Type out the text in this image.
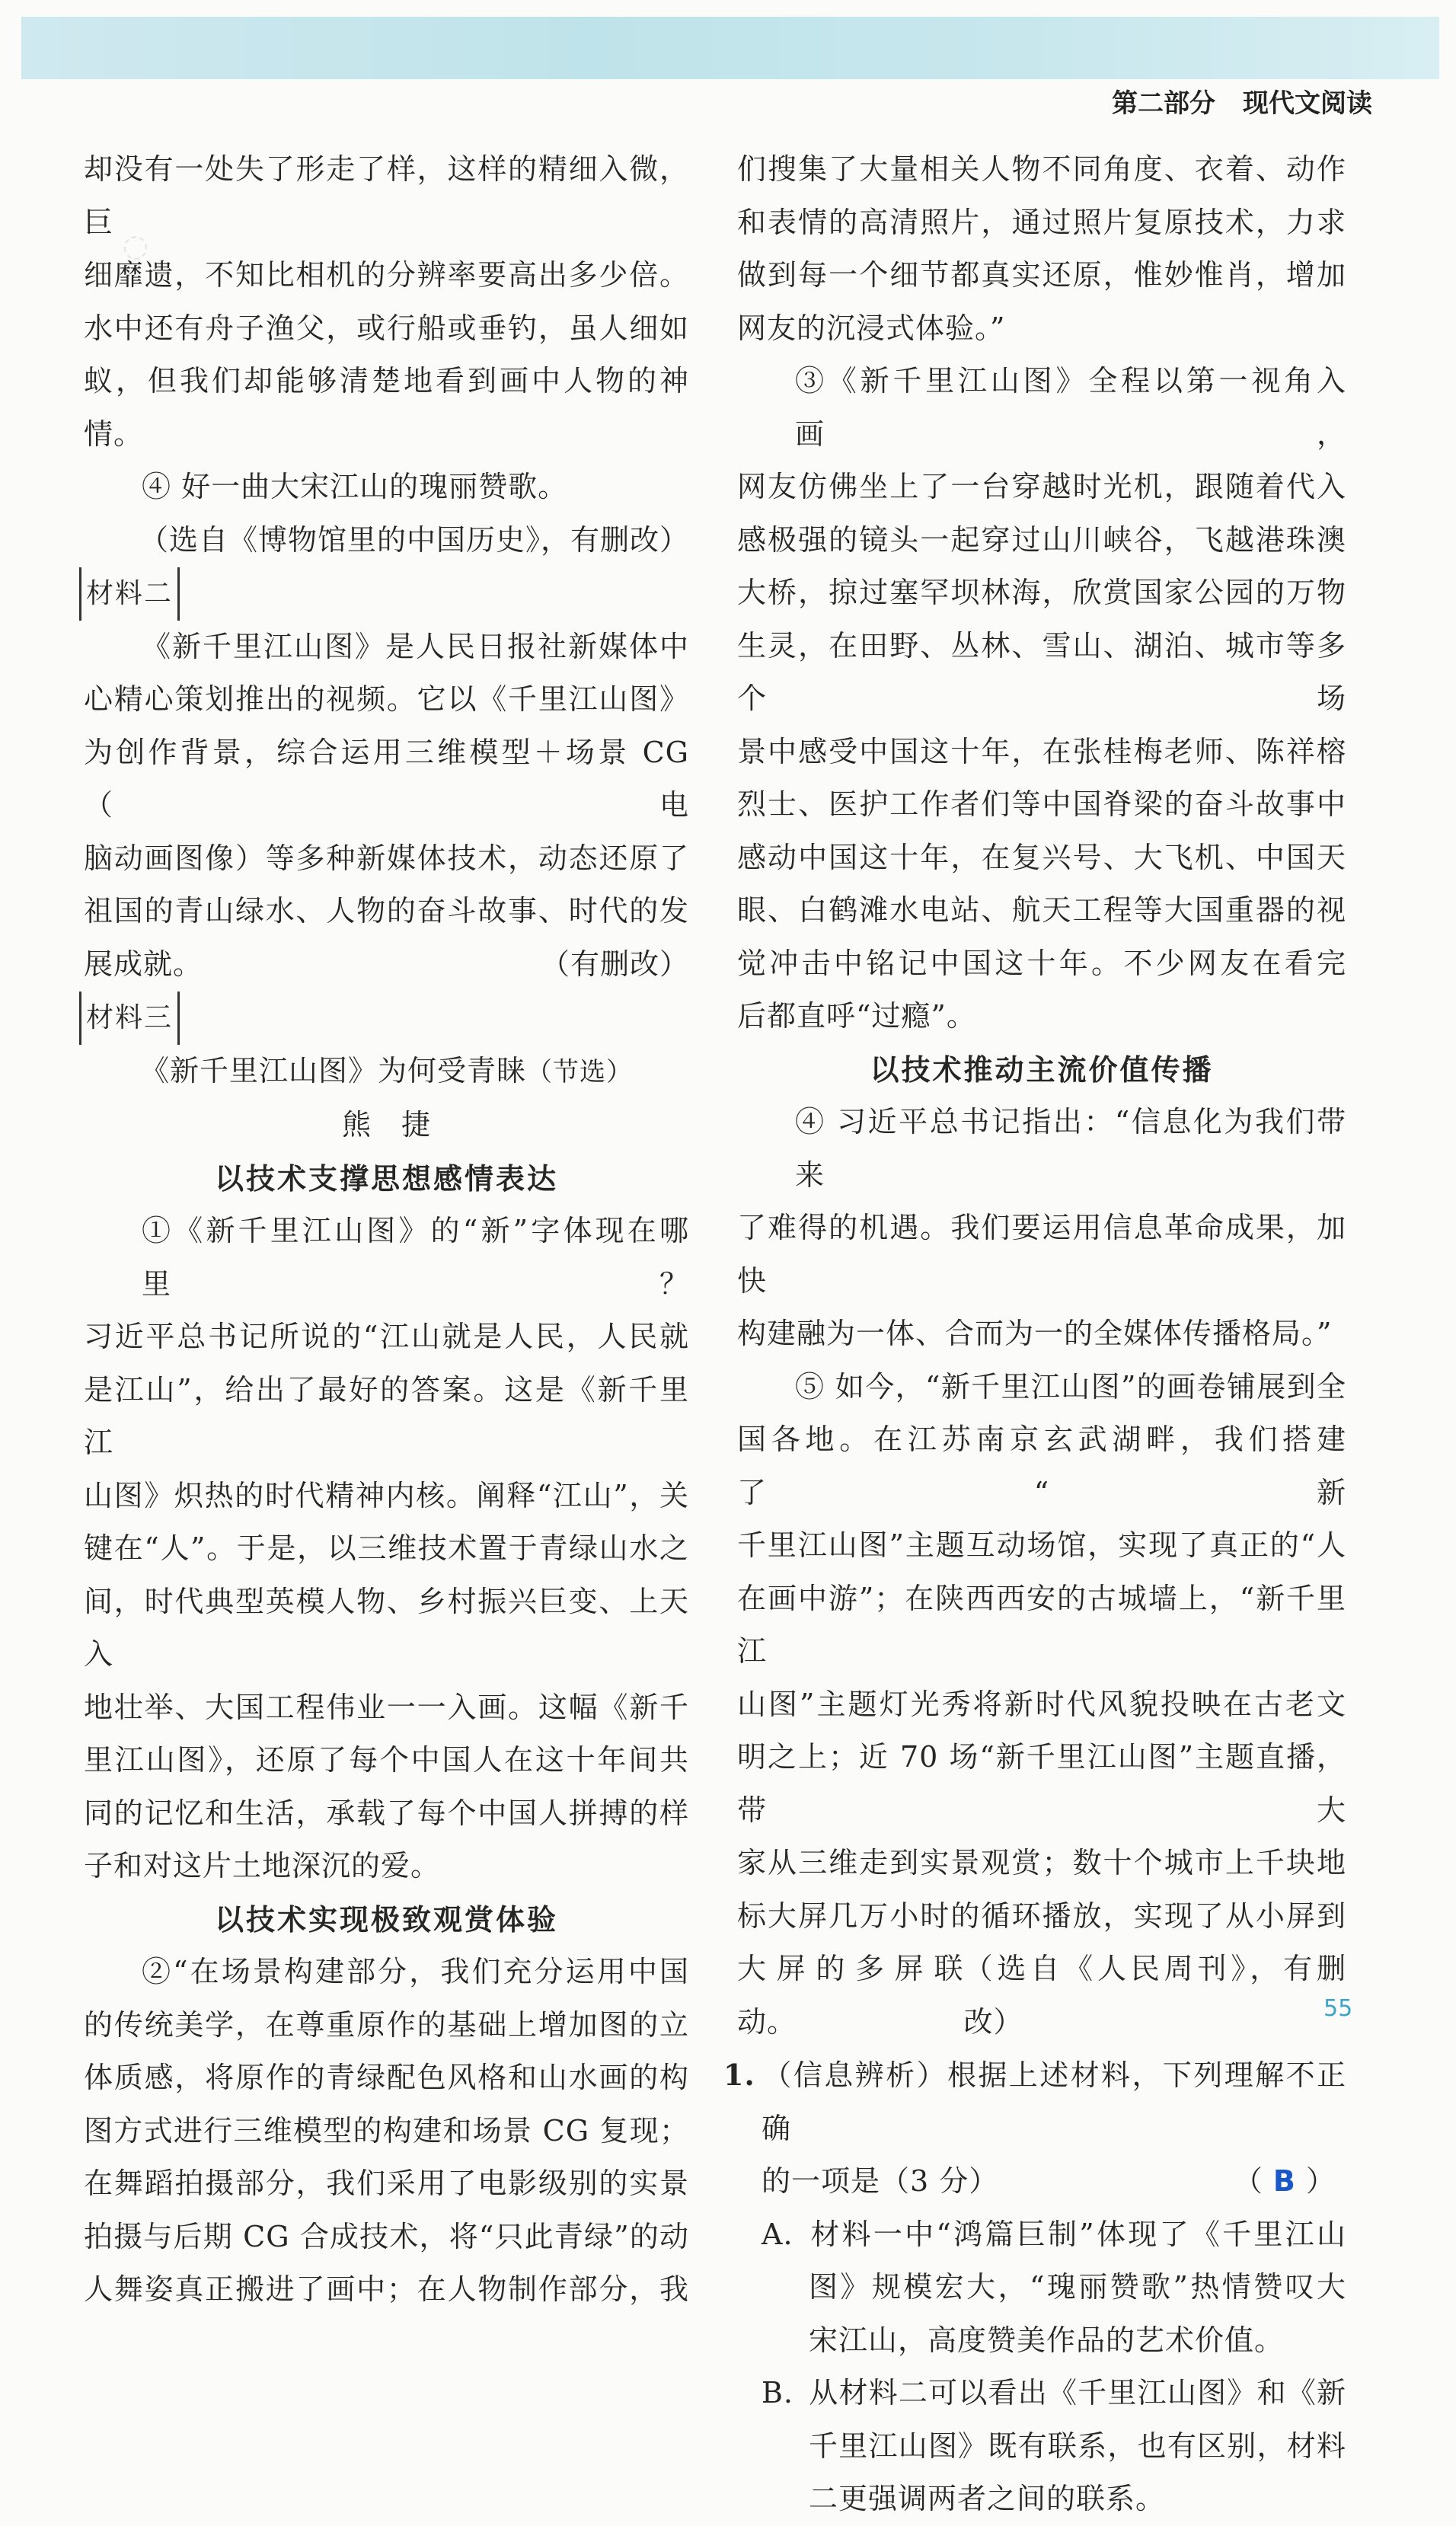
第二部分 现代文阅读
◌

却没有一处失了形走了样，这样的精细入微，巨

细靡遗，不知比相机的分辨率要高出多少倍。

水中还有舟子渔父，或行船或垂钓，虽人细如

蚁，但我们却能够清楚地看到画中人物的神情。

④ 好一曲大宋江山的瑰丽赞歌。

（选自《博物馆里的中国历史》，有删改）

材料二

《新千里江山图》是人民日报社新媒体中

心精心策划推出的视频。它以《千里江山图》

为创作背景，综合运用三维模型＋场景 CG（电

脑动画图像）等多种新媒体技术，动态还原了

祖国的青山绿水、人物的奋斗故事、时代的发

展成就。	（有删改）

材料三

《新千里江山图》为何受青睐（节选）

熊　捷

以技术支撑思想感情表达

①《新千里江山图》的“新”字体现在哪里？

习近平总书记所说的“江山就是人民，人民就

是江山”，给出了最好的答案。这是《新千里江

山图》炽热的时代精神内核。阐释“江山”，关

键在“人”。于是，以三维技术置于青绿山水之

间，时代典型英模人物、乡村振兴巨变、上天入

地壮举、大国工程伟业一一入画。这幅《新千

里江山图》，还原了每个中国人在这十年间共

同的记忆和生活，承载了每个中国人拼搏的样

子和对这片土地深沉的爱。

以技术实现极致观赏体验

②“在场景构建部分，我们充分运用中国

的传统美学，在尊重原作的基础上增加图的立

体质感，将原作的青绿配色风格和山水画的构

图方式进行三维模型的构建和场景 CG 复现；

在舞蹈拍摄部分，我们采用了电影级别的实景

拍摄与后期 CG 合成技术，将“只此青绿”的动

人舞姿真正搬进了画中；在人物制作部分，我

们搜集了大量相关人物不同角度、衣着、动作

和表情的高清照片，通过照片复原技术，力求

做到每一个细节都真实还原，惟妙惟肖，增加

网友的沉浸式体验。”

③《新千里江山图》全程以第一视角入画，

网友仿佛坐上了一台穿越时光机，跟随着代入

感极强的镜头一起穿过山川峡谷，飞越港珠澳

大桥，掠过塞罕坝林海，欣赏国家公园的万物

生灵，在田野、丛林、雪山、湖泊、城市等多个场

景中感受中国这十年，在张桂梅老师、陈祥榕

烈士、医护工作者们等中国脊梁的奋斗故事中

感动中国这十年，在复兴号、大飞机、中国天

眼、白鹤滩水电站、航天工程等大国重器的视

觉冲击中铭记中国这十年。不少网友在看完

后都直呼“过瘾”。

以技术推动主流价值传播

④ 习近平总书记指出：“信息化为我们带来

了难得的机遇。我们要运用信息革命成果，加快

构建融为一体、合而为一的全媒体传播格局。”

⑤ 如今，“新千里江山图”的画卷铺展到全

国各地。在江苏南京玄武湖畔，我们搭建了“新

千里江山图”主题互动场馆，实现了真正的“人

在画中游”；在陕西西安的古城墙上，“新千里江

山图”主题灯光秀将新时代风貌投映在古老文

明之上；近 70 场“新千里江山图”主题直播，带大

家从三维走到实景观赏；数十个城市上千块地

标大屏几万小时的循环播放，实现了从小屏到

大屏的多屏联动。
（选自《人民周刊》，有删改）

1. （信息辨析）根据上述材料，下列理解不正确

的一项是（3 分）	（ B ）

A. 材料一中“鸿篇巨制”体现了《千里江山

图》规模宏大，“瑰丽赞歌”热情赞叹大

宋江山，高度赞美作品的艺术价值。

B. 从材料二可以看出《千里江山图》和《新

千里江山图》既有联系，也有区别，材料

二更强调两者之间的联系。

55
